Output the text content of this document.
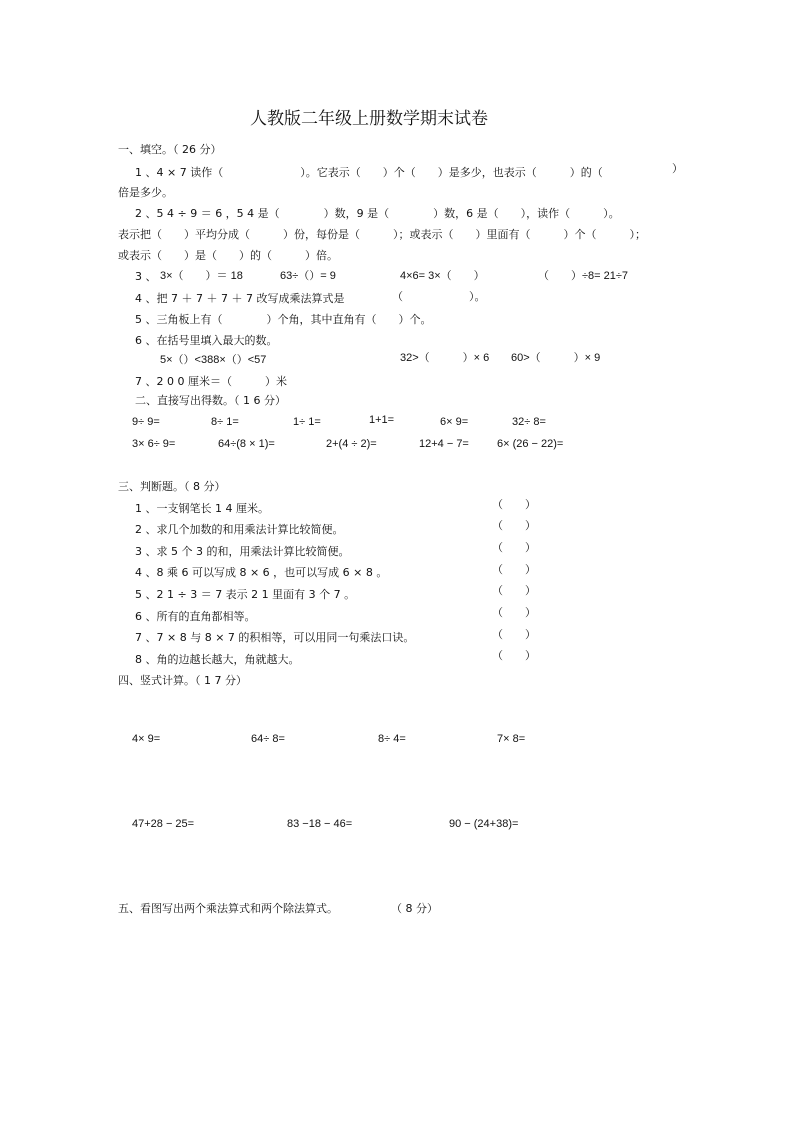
人教版二年级上册数学期末试卷
一、填空。（ 26 分）
1 、4 × 7 读作（　　　　　　　）。它表示（　　）个（　　）是多少，也表示（　　　）的（	）
倍是多少。
2 、5 4 ÷ 9 ＝ 6 ，5 4 是（　　　　）数，9 是（　　　　）数，6 是（　　），读作（　　　）。
表示把（　　）平均分成（　　　）份，每份是（　　　）；或表示（　　）里面有（　　　）个（　　　）；
或表示（　　）是（　　）的（　　　）倍。
3 、 3×（　　）＝ 18	63÷（）= 9	4×6= 3×（　　）	（　　）÷8= 21÷7
4 、把 7 ＋ 7 ＋ 7 ＋ 7 改写成乘法算式是	（　　　　　　）。
5 、三角板上有（　　　　）个角，其中直角有（　　）个。
6 、在括号里填入最大的数。
5×（）<388×（）<57	32>（　　　）× 6 60>（　　　）× 9
7 、2 0 0 厘米＝（　　　）米
二、直接写出得数。（ 1 6 分）
9÷ 9=	8÷ 1=	1÷ 1=	1+1=	6× 9=	32÷ 8=
3× 6÷ 9=	64÷(8 × 1)=	2+(4 ÷ 2)=	12+4 − 7=	6× (26 − 22)=
三、判断题。（ 8 分）
1 、一支钢笔长 1 4 厘米。	（　　）
2 、求几个加数的和用乘法计算比较简便。	（　　）
3 、求 5 个 3 的和，用乘法计算比较简便。	（　　）
4 、8 乘 6 可以写成 8 × 6 ，也可以写成 6 × 8 。	（　　）
5 、2 1 ÷ 3 ＝ 7 表示 2 1 里面有 3 个 7 。	（　　）
6 、所有的直角都相等。	（　　）
7 、7 × 8 与 8 × 7 的积相等，可以用同一句乘法口诀。	（　　）
8 、角的边越长越大，角就越大。	（　　）
四、竖式计算。（ 1 7 分）
4× 9=	64÷ 8=	8÷ 4=	7× 8=
47+28 − 25=	83 −18 − 46=	90 − (24+38)=
五、看图写出两个乘法算式和两个除法算式。	（ 8 分）
